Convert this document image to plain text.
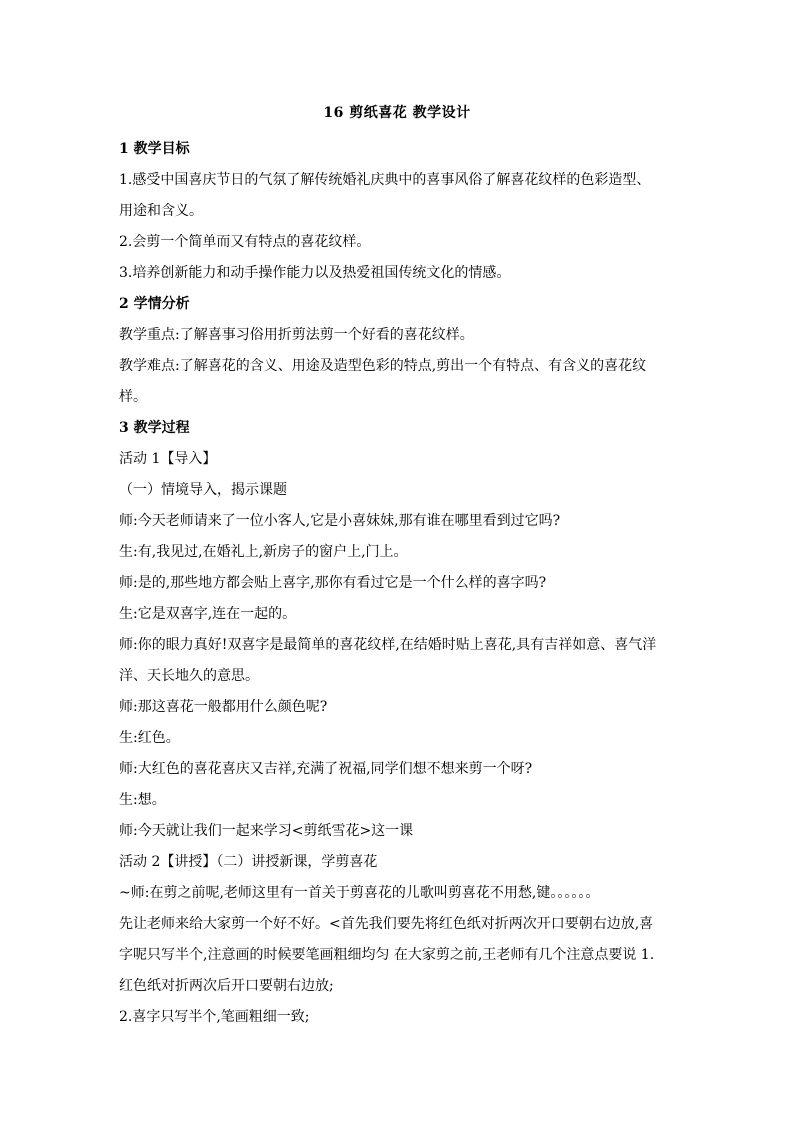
16 剪纸喜花 教学设计
1 教学目标
1.感受中国喜庆节日的气氛了解传统婚礼庆典中的喜事风俗了解喜花纹样的色彩造型、
用途和含义。
2.会剪一个简单而又有特点的喜花纹样。
3.培养创新能力和动手操作能力以及热爱祖国传统文化的情感。
2 学情分析
教学重点:了解喜事习俗用折剪法剪一个好看的喜花纹样。
教学难点:了解喜花的含义、用途及造型色彩的特点,剪出一个有特点、有含义的喜花纹
样。
3 教学过程
活动 1【导入】
（一）情境导入，揭示课题
师:今天老师请来了一位小客人,它是小喜妹妹,那有谁在哪里看到过它吗?
生:有,我见过,在婚礼上,新房子的窗户上,门上。
师:是的,那些地方都会贴上喜字,那你有看过它是一个什么样的喜字吗?
生:它是双喜字,连在一起的。
师:你的眼力真好!双喜字是最简单的喜花纹样,在结婚时贴上喜花,具有吉祥如意、喜气洋
洋、天长地久的意思。
师:那这喜花一般都用什么颜色呢?
生:红色。
师:大红色的喜花喜庆又吉祥,充满了祝福,同学们想不想来剪一个呀?
生:想。
师:今天就让我们一起来学习<剪纸雪花>这一课
活动 2【讲授】（二）讲授新课，学剪喜花
~师:在剪之前呢,老师这里有一首关于剪喜花的儿歌叫剪喜花不用愁,键。。。。。。
先让老师来给大家剪一个好不好。<首先我们要先将红色纸对折两次开口要朝右边放,喜
字呢只写半个,注意画的时候要笔画粗细均匀 在大家剪之前,王老师有几个注意点要说 1.
红色纸对折两次后开口要朝右边放;
2.喜字只写半个,笔画粗细一致;
